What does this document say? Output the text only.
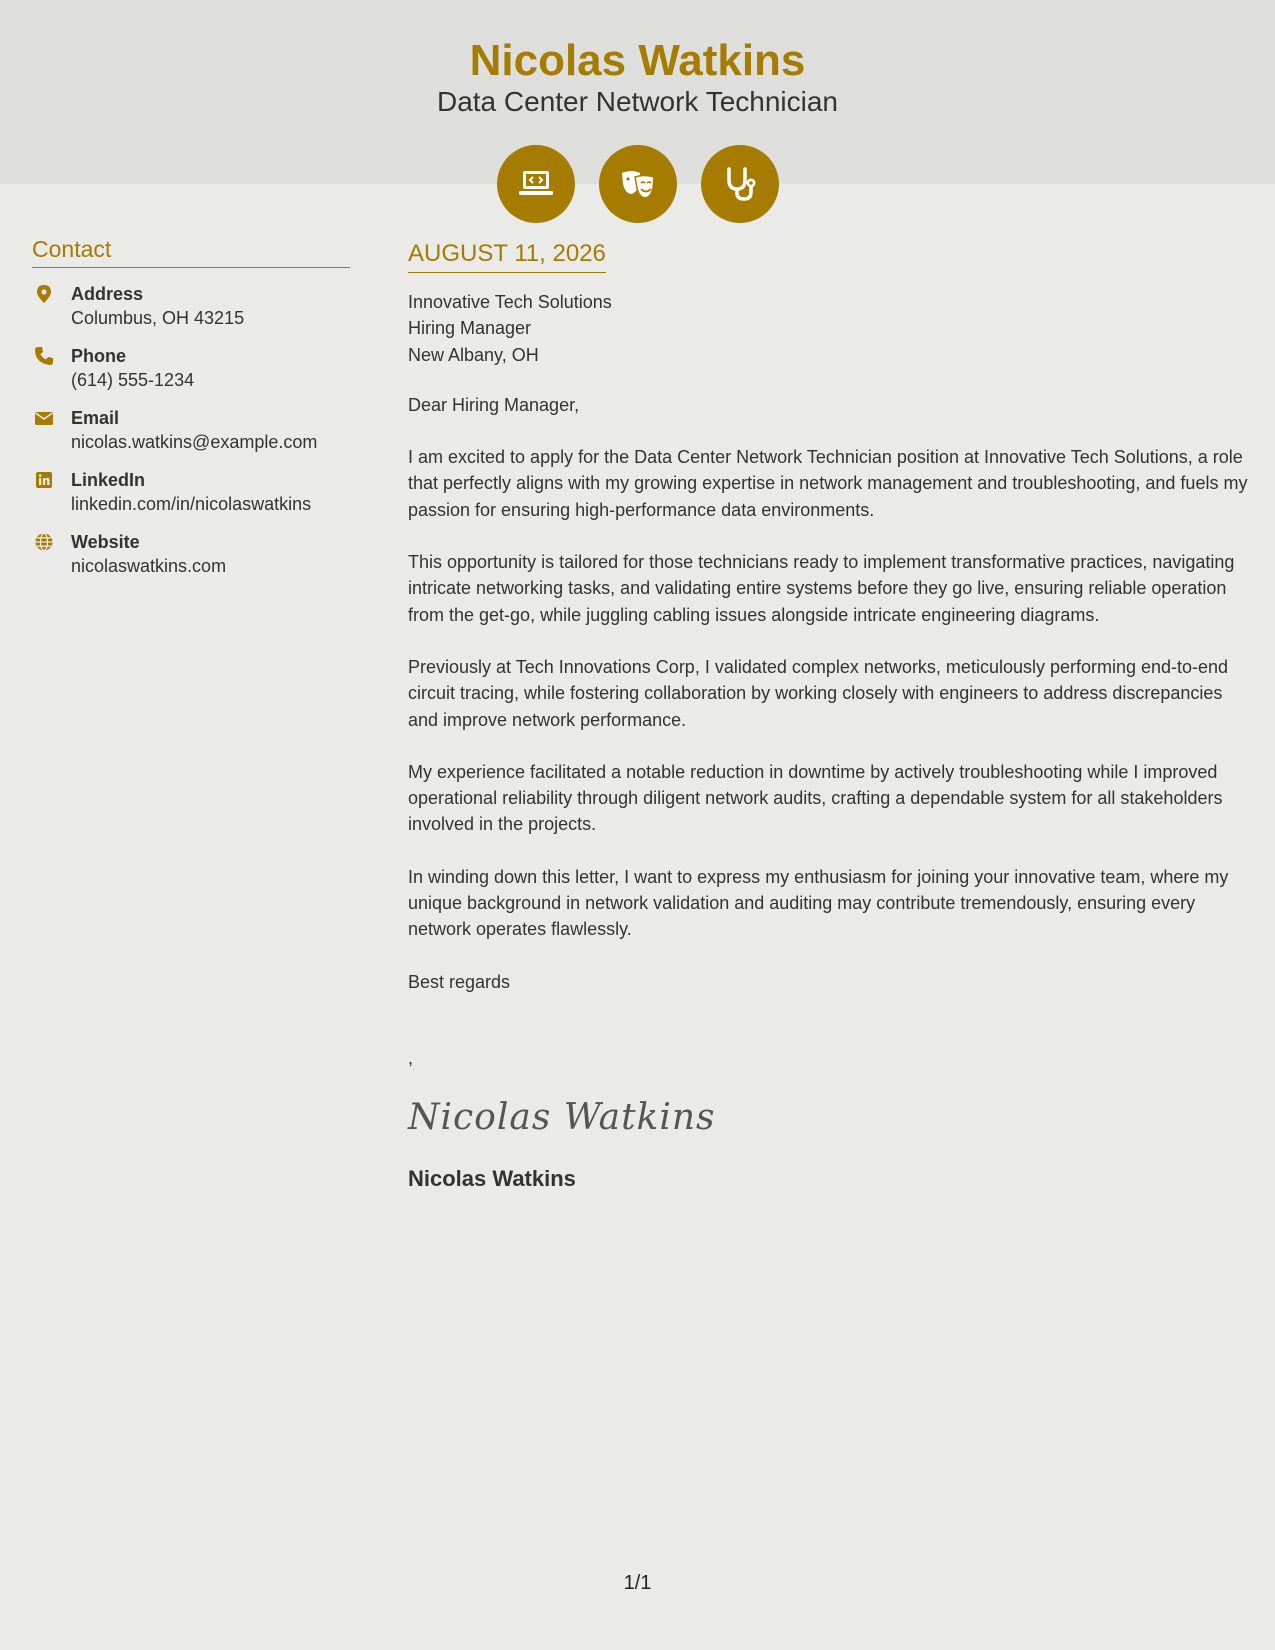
Nicolas Watkins
Data Center Network Technician

Contact
Address
Columbus, OH 43215
Phone
(614) 555-1234
Email
nicolas.watkins@example.com
LinkedIn
linkedin.com/in/nicolaswatkins
Website
nicolaswatkins.com
AUGUST 11, 2026
Innovative Tech Solutions
Hiring Manager
New Albany, OH
Dear Hiring Manager,
I am excited to apply for the Data Center Network Technician position at Innovative Tech Solutions, a role that perfectly aligns with my growing expertise in network management and troubleshooting, and fuels my passion for ensuring high-performance data environments.
This opportunity is tailored for those technicians ready to implement transformative practices, navigating intricate networking tasks, and validating entire systems before they go live, ensuring reliable operation from the get-go, while juggling cabling issues alongside intricate engineering diagrams.
Previously at Tech Innovations Corp, I validated complex networks, meticulously performing end-to-end circuit tracing, while fostering collaboration by working closely with engineers to address discrepancies and improve network performance.
My experience facilitated a notable reduction in downtime by actively troubleshooting while I improved operational reliability through diligent network audits, crafting a dependable system for all stakeholders involved in the projects.
In winding down this letter, I want to express my enthusiasm for joining your innovative team, where my unique background in network validation and auditing may contribute tremendously, ensuring every network operates flawlessly.
Best regards
,
Nicolas Watkins
Nicolas Watkins
1/1
